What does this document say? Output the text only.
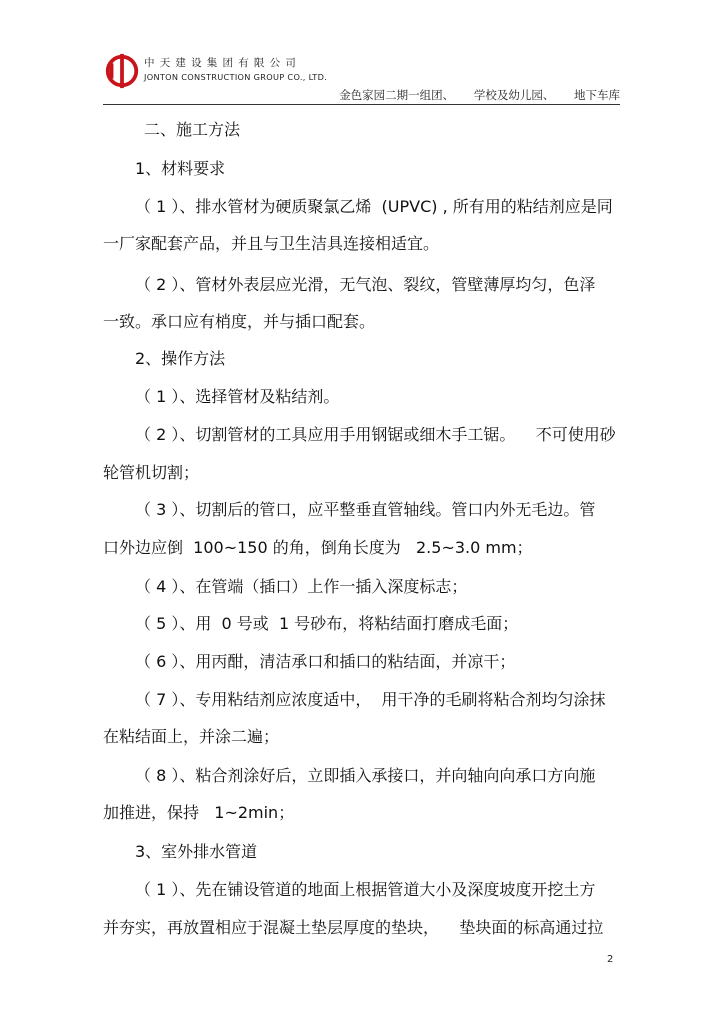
中天建设集团有限公司
JONTON CONSTRUCTION GROUP CO., LTD.
金色家园二期一组团、 学校及幼儿园、 地下车库
二、施工方法
1、材料要求
（ 1 ）、排水管材为硬质聚氯乙烯  (UPVC) , 所有用的粘结剂应是同
一厂家配套产品，并且与卫生洁具连接相适宜。
（ 2 ）、管材外表层应光滑，无气泡、裂纹，管壁薄厚均匀，色泽
一致。承口应有梢度，并与插口配套。
2、操作方法
（ 1 ）、选择管材及粘结剂。
（ 2 ）、切割管材的工具应用手用钢锯或细木手工锯。    不可使用砂
轮管机切割；
（ 3 ）、切割后的管口，应平整垂直管轴线。管口内外无毛边。管
口外边应倒  100~150 的角，倒角长度为   2.5~3.0 mm；
（ 4 ）、在管端（插口）上作一插入深度标志；
（ 5 ）、用  0 号或  1 号砂布，将粘结面打磨成毛面；
（ 6 ）、用丙酣，清洁承口和插口的粘结面，并凉干；
（ 7 ）、专用粘结剂应浓度适中，  用干净的毛刷将粘合剂均匀涂抹
在粘结面上，并涂二遍；
（ 8 ）、粘合剂涂好后，立即插入承接口，并向轴向向承口方向施
加推进，保持   1~2min；
3、室外排水管道
（ 1 ）、先在铺设管道的地面上根据管道大小及深度坡度开挖土方
并夯实，再放置相应于混凝土垫层厚度的垫块，    垫块面的标高通过拉
2
